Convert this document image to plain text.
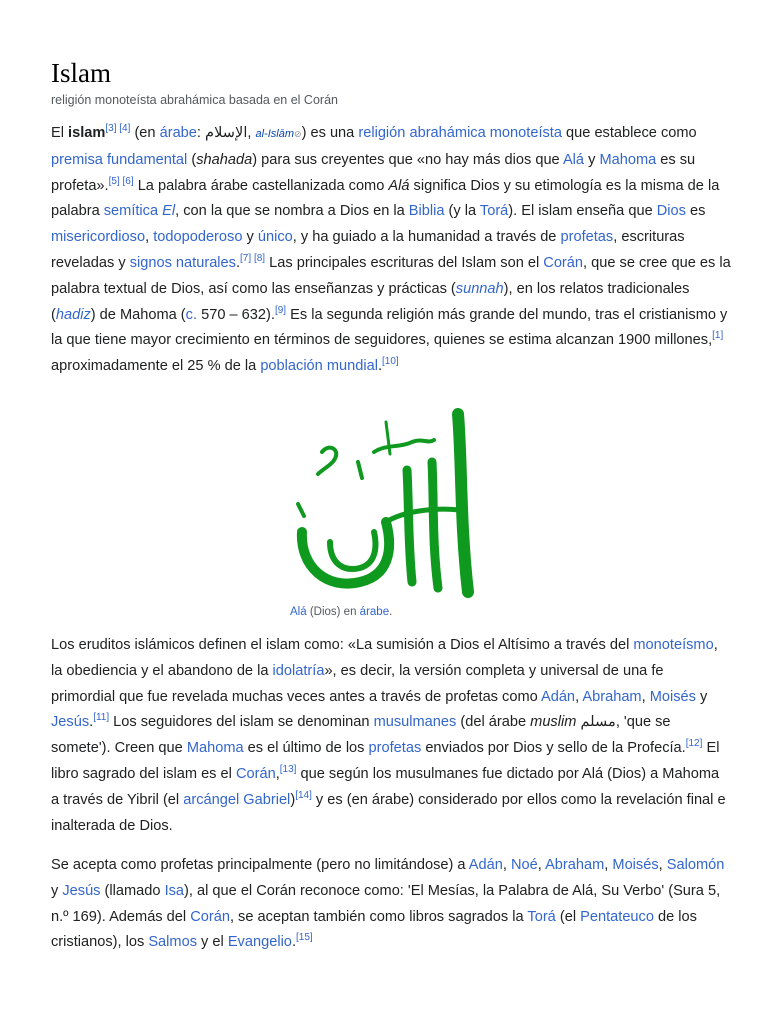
Islam
religión monoteísta abrahámica basada en el Corán

El islam[3] [4] (en árabe: الإسلام, al-Islām⊘) es una religión abrahámica monoteísta que establece como premisa fundamental (shahada) para sus creyentes que «no hay más dios que Alá y Mahoma es su profeta».[5] [6] La palabra árabe castellanizada como Alá significa Dios y su etimología es la misma de la palabra semítica El, con la que se nombra a Dios en la Biblia (y la Torá). El islam enseña que Dios es misericordioso, todopoderoso y único, y ha guiado a la humanidad a través de profetas, escrituras reveladas y signos naturales.[7] [8] Las principales escrituras del Islam son el Corán, que se cree que es la palabra textual de Dios, así como las enseñanzas y prácticas (sunnah), en los relatos tradicionales (hadiz) de Mahoma (c. 570 – 632).[9] Es la segunda religión más grande del mundo, tras el cristianismo y la que tiene mayor crecimiento en términos de seguidores, quienes se estima alcanzan 1900 millones,[1] aproximadamente el 25 % de la población mundial.[10]

Alá (Dios) en árabe.

Los eruditos islámicos definen el islam como: «La sumisión a Dios el Altísimo a través del monoteísmo, la obediencia y el abandono de la idolatría», es decir, la versión completa y universal de una fe primordial que fue revelada muchas veces antes a través de profetas como Adán, Abraham, Moisés y Jesús.[11] Los seguidores del islam se denominan musulmanes (del árabe muslim مسلم, 'que se somete'). Creen que Mahoma es el último de los profetas enviados por Dios y sello de la Profecía.[12] El libro sagrado del islam es el Corán,[13] que según los musulmanes fue dictado por Alá (Dios) a Mahoma a través de Yibril (el arcángel Gabriel)[14] y es (en árabe) considerado por ellos como la revelación final e inalterada de Dios.

Se acepta como profetas principalmente (pero no limitándose) a Adán, Noé, Abraham, Moisés, Salomón y Jesús (llamado Isa), al que el Corán reconoce como: 'El Mesías, la Palabra de Alá, Su Verbo' (Sura 5, n.º 169). Además del Corán, se aceptan también como libros sagrados la Torá (el Pentateuco de los cristianos), los Salmos y el Evangelio.[15]
